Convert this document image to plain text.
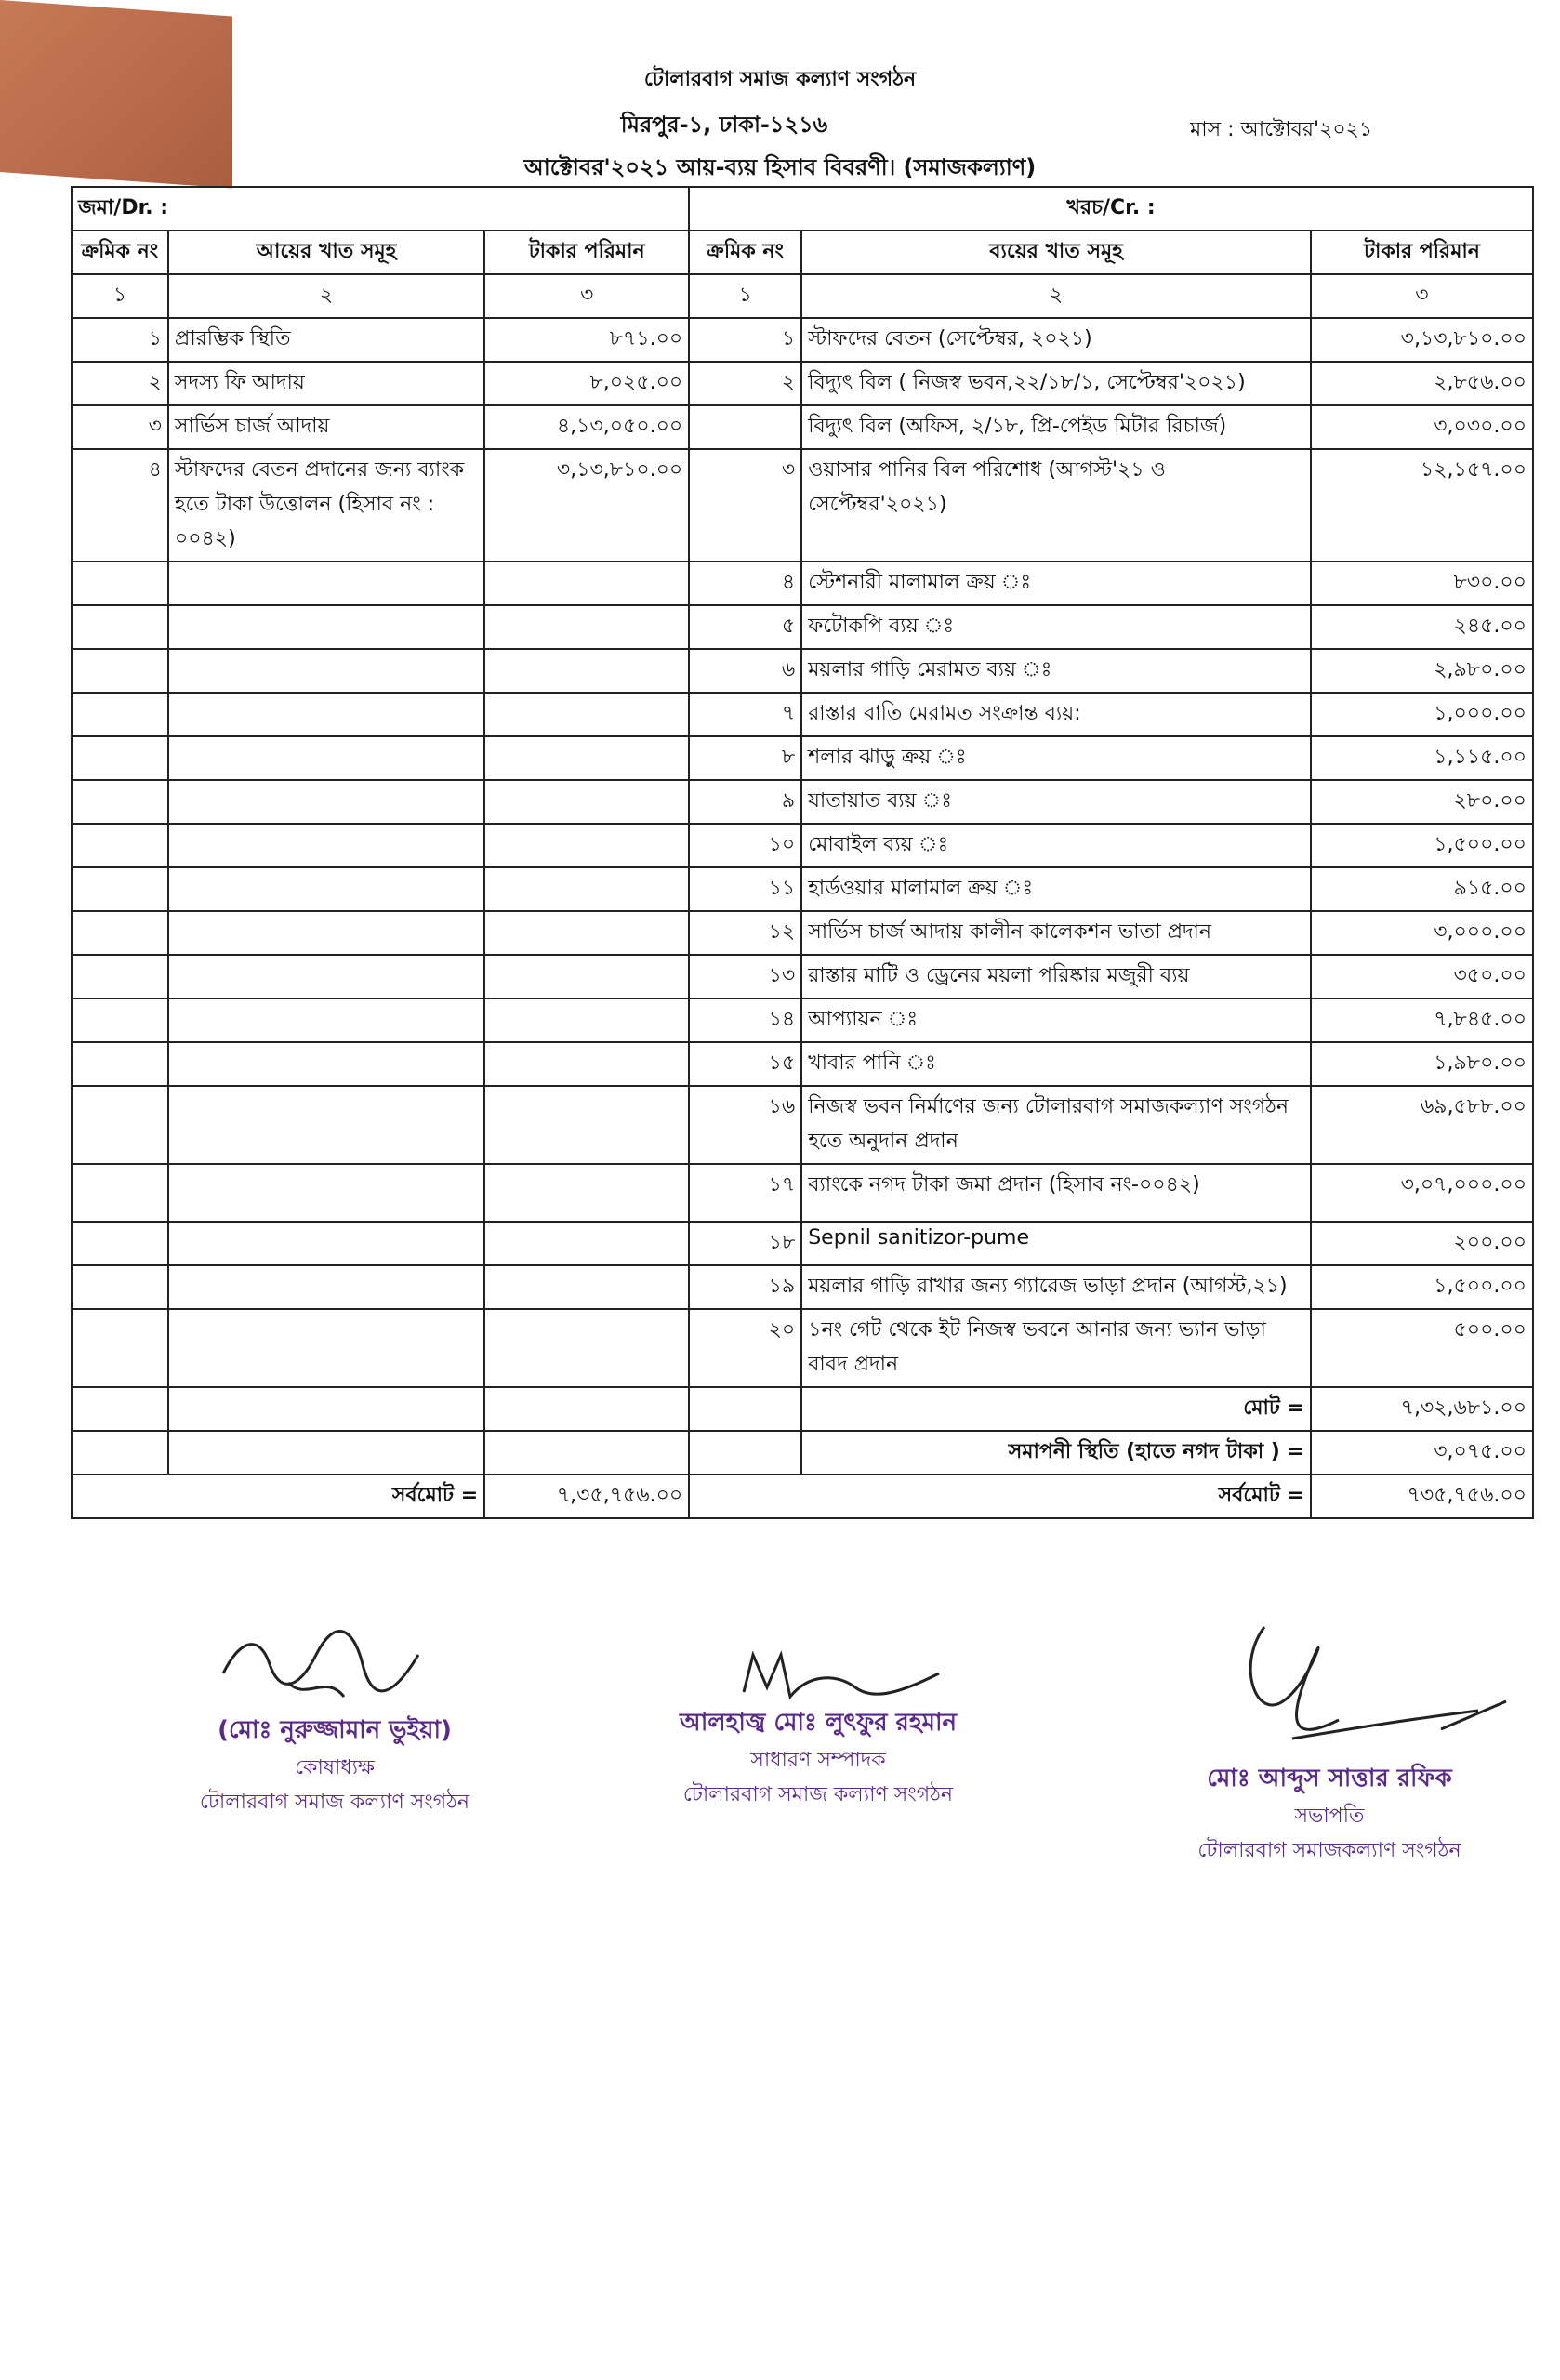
টোলারবাগ সমাজ কল্যাণ সংগঠন
মিরপুর-১, ঢাকা-১২১৬	মাস : আক্টোবর'২০২১
আক্টোবর'২০২১ আয়-ব্যয় হিসাব বিবরণী। (সমাজকল্যাণ)
জমা/Dr. :			খরচ/Cr. :		
ক্রমিক নং	আয়ের খাত সমূহ	টাকার পরিমান	ক্রমিক নং	ব্যয়ের খাত সমূহ	টাকার পরিমান
১	২	৩	১	২	৩
১	প্রারম্ভিক স্থিতি	৮৭১.০০	১	স্টাফদের বেতন (সেপ্টেম্বর, ২০২১)	৩,১৩,৮১০.০০
২	সদস্য ফি আদায়	৮,০২৫.০০	২	বিদ্যুৎ বিল ( নিজস্ব ভবন,২২/১৮/১, সেপ্টেম্বর'২০২১)	২,৮৫৬.০০
৩	সার্ভিস চার্জ আদায়	৪,১৩,০৫০.০০		বিদ্যুৎ বিল (অফিস, ২/১৮, প্রি-পেইড মিটার রিচার্জ)	৩,০৩০.০০
৪	স্টাফদের বেতন প্রদানের জন্য ব্যাংক হতে টাকা উত্তোলন (হিসাব নং : ০০৪২)	৩,১৩,৮১০.০০	৩	ওয়াসার পানির বিল পরিশোধ (আগস্ট'২১ ও সেপ্টেম্বর'২০২১)	১২,১৫৭.০০
			৪	স্টেশনারী মালামাল ক্রয় ঃ	৮৩০.০০
			৫	ফটোকপি ব্যয় ঃ	২৪৫.০০
			৬	ময়লার গাড়ি মেরামত ব্যয় ঃ	২,৯৮০.০০
			৭	রাস্তার বাতি মেরামত সংক্রান্ত ব্যয়:	১,০০০.০০
			৮	শলার ঝাড়ু ক্রয় ঃ	১,১১৫.০০
			৯	যাতায়াত ব্যয় ঃ	২৮০.০০
			১০	মোবাইল ব্যয় ঃ	১,৫০০.০০
			১১	হার্ডওয়ার মালামাল ক্রয় ঃ	৯১৫.০০
			১২	সার্ভিস চার্জ আদায় কালীন কালেকশন ভাতা প্রদান	৩,০০০.০০
			১৩	রাস্তার মাটি ও ড্রেনের ময়লা পরিষ্কার মজুরী ব্যয়	৩৫০.০০
			১৪	আপ্যায়ন ঃ	৭,৮৪৫.০০
			১৫	খাবার পানি ঃ	১,৯৮০.০০
			১৬	নিজস্ব ভবন নির্মাণের জন্য টোলারবাগ সমাজকল্যাণ সংগঠন হতে অনুদান প্রদান	৬৯,৫৮৮.০০
			১৭	ব্যাংকে নগদ টাকা জমা প্রদান (হিসাব নং-০০৪২)	৩,০৭,০০০.০০
			১৮	Sepnil sanitizor-pume	২০০.০০
			১৯	ময়লার গাড়ি রাখার জন্য গ্যারেজ ভাড়া প্রদান (আগস্ট,২১)	১,৫০০.০০
			২০	১নং গেট থেকে ইট নিজস্ব ভবনে আনার জন্য ভ্যান ভাড়া বাবদ প্রদান	৫০০.০০
				মোট =	৭,৩২,৬৮১.০০
				সমাপনী স্থিতি (হাতে নগদ টাকা ) =	৩,০৭৫.০০
সর্বমোট =		৭,৩৫,৭৫৬.০০	সর্বমোট =		৭৩৫,৭৫৬.০০
(মোঃ নুরুজ্জামান ভুইয়া)
কোষাধ্যক্ষ
টোলারবাগ সমাজ কল্যাণ সংগঠন
আলহাজ্ব মোঃ লুৎফুর রহমান
সাধারণ সম্পাদক
টোলারবাগ সমাজ কল্যাণ সংগঠন
মোঃ আব্দুস সাত্তার রফিক
সভাপতি
টোলারবাগ সমাজকল্যাণ সংগঠন
